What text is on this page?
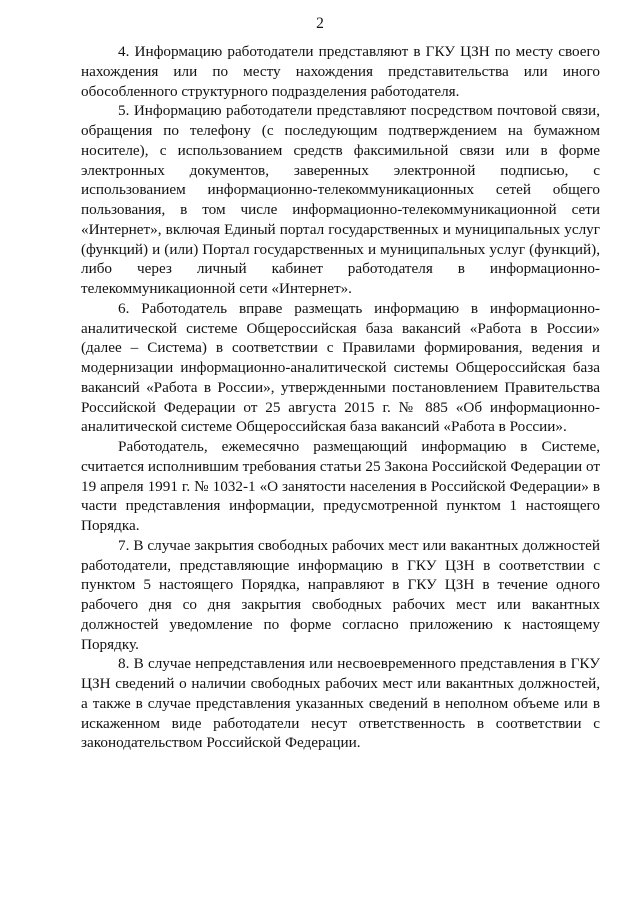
2

4. Информацию работодатели представляют в ГКУ ЦЗН по месту своего нахождения или по месту нахождения представительства или иного обособленного структурного подразделения работодателя.

5. Информацию работодатели представляют посредством почтовой связи, обращения по телефону (с последующим подтверждением на бумажном носителе), с использованием средств факсимильной связи или в форме электронных документов, заверенных электронной подписью, с использованием информационно-телекоммуникационных сетей общего пользования, в том числе информационно-телекоммуникационной сети «Интернет», включая Единый портал государственных и муниципальных услуг (функций) и (или) Портал государственных и муниципальных услуг (функций), либо через личный кабинет работодателя в информационно-телекоммуникационной сети «Интернет».

6. Работодатель вправе размещать информацию в информационно-аналитической системе Общероссийская база вакансий «Работа в России» (далее – Система) в соответствии с Правилами формирования, ведения и модернизации информационно-аналитической системы Общероссийская база вакансий «Работа в России», утвержденными постановлением Правительства Российской Федерации от 25 августа 2015 г. № 885 «Об информационно-аналитической системе Общероссийская база вакансий «Работа в России».

Работодатель, ежемесячно размещающий информацию в Системе, считается исполнившим требования статьи 25 Закона Российской Федерации от 19 апреля 1991 г. № 1032-1 «О занятости населения в Российской Федерации» в части представления информации, предусмотренной пунктом 1 настоящего Порядка.

7. В случае закрытия свободных рабочих мест или вакантных должностей работодатели, представляющие информацию в ГКУ ЦЗН в соответствии с пунктом 5 настоящего Порядка, направляют в ГКУ ЦЗН в течение одного рабочего дня со дня закрытия свободных рабочих мест или вакантных должностей уведомление по форме согласно приложению к настоящему Порядку.

8. В случае непредставления или несвоевременного представления в ГКУ ЦЗН сведений о наличии свободных рабочих мест или вакантных должностей, а также в случае представления указанных сведений в неполном объеме или в искаженном виде работодатели несут ответственность в соответствии с законодательством Российской Федерации.
